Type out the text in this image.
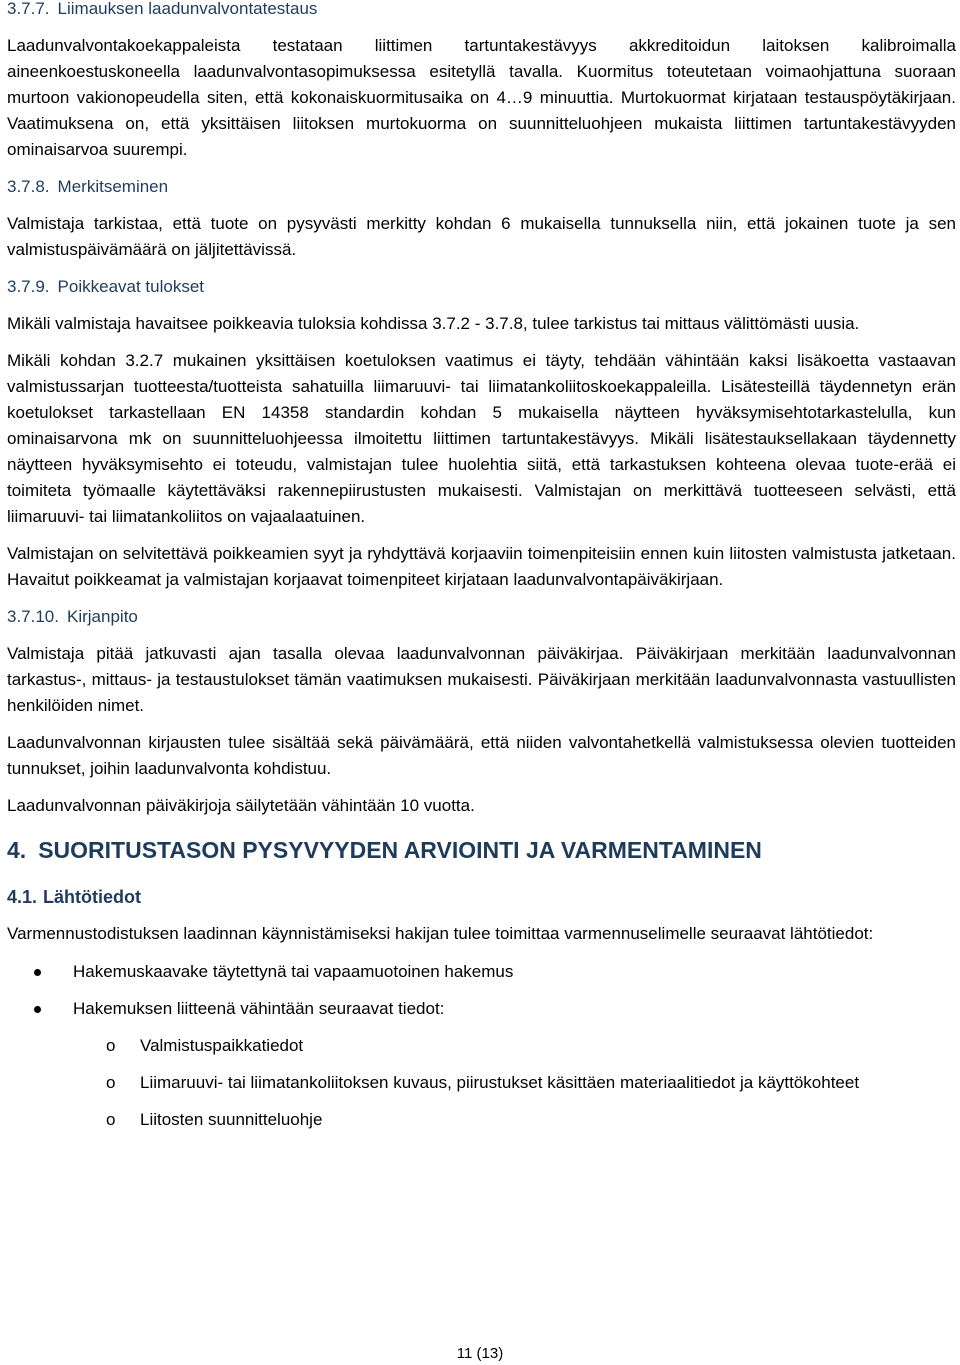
3.7.7. Liimauksen laadunvalvontatestaus

Laadunvalvontakoekappaleista testataan liittimen tartuntakestävyys akkreditoidun laitoksen kalibroimalla aineenkoestuskoneella laadunvalvontasopimuksessa esitetyllä tavalla. Kuormitus toteutetaan voimaohjattuna suoraan murtoon vakionopeudella siten, että kokonaiskuormitusaika on 4…9 minuuttia. Murtokuormat kirjataan testauspöytäkirjaan. Vaatimuksena on, että yksittäisen liitoksen murtokuorma on suunnitteluohjeen mukaista liittimen tartuntakestävyyden ominaisarvoa suurempi.

3.7.8. Merkitseminen

Valmistaja tarkistaa, että tuote on pysyvästi merkitty kohdan 6 mukaisella tunnuksella niin, että jokainen tuote ja sen valmistuspäivämäärä on jäljitettävissä.

3.7.9. Poikkeavat tulokset

Mikäli valmistaja havaitsee poikkeavia tuloksia kohdissa 3.7.2 - 3.7.8, tulee tarkistus tai mittaus välittömästi uusia.

Mikäli kohdan 3.2.7 mukainen yksittäisen koetuloksen vaatimus ei täyty, tehdään vähintään kaksi lisäkoetta vastaavan valmistussarjan tuotteesta/tuotteista sahatuilla liimaruuvi- tai liimatankoliitoskoekappaleilla. Lisätesteillä täydennetyn erän koetulokset tarkastellaan EN 14358 standardin kohdan 5 mukaisella näytteen hyväksymisehtotarkastelulla, kun ominaisarvona mk on suunnitteluohjeessa ilmoitettu liittimen tartuntakestävyys. Mikäli lisätestauksellakaan täydennetty näytteen hyväksymisehto ei toteudu, valmistajan tulee huolehtia siitä, että tarkastuksen kohteena olevaa tuote-erää ei toimiteta työmaalle käytettäväksi rakennepiirustusten mukaisesti. Valmistajan on merkittävä tuotteeseen selvästi, että liimaruuvi- tai liimatankoliitos on vajaalaatuinen.

Valmistajan on selvitettävä poikkeamien syyt ja ryhdyttävä korjaaviin toimenpiteisiin ennen kuin liitosten valmistusta jatketaan. Havaitut poikkeamat ja valmistajan korjaavat toimenpiteet kirjataan laadunvalvontapäiväkirjaan.

3.7.10. Kirjanpito

Valmistaja pitää jatkuvasti ajan tasalla olevaa laadunvalvonnan päiväkirjaa. Päiväkirjaan merkitään laadunvalvonnan tarkastus-, mittaus- ja testaustulokset tämän vaatimuksen mukaisesti. Päiväkirjaan merkitään laadunvalvonnasta vastuullisten henkilöiden nimet.

Laadunvalvonnan kirjausten tulee sisältää sekä päivämäärä, että niiden valvontahetkellä valmistuksessa olevien tuotteiden tunnukset, joihin laadunvalvonta kohdistuu.

Laadunvalvonnan päiväkirjoja säilytetään vähintään 10 vuotta.

4. SUORITUSTASON PYSYVYYDEN ARVIOINTI JA VARMENTAMINEN
4.1. Lähtötiedot

Varmennustodistuksen laadinnan käynnistämiseksi hakijan tulee toimittaa varmennuselimelle seuraavat lähtötiedot:

Hakemuskaavake täytettynä tai vapaamuotoinen hakemus
Hakemuksen liitteenä vähintään seuraavat tiedot:
o Valmistuspaikkatiedot
o Liimaruuvi- tai liimatankoliitoksen kuvaus, piirustukset käsittäen materiaalitiedot ja käyttökohteet
o Liitosten suunnitteluohje
11 (13)
